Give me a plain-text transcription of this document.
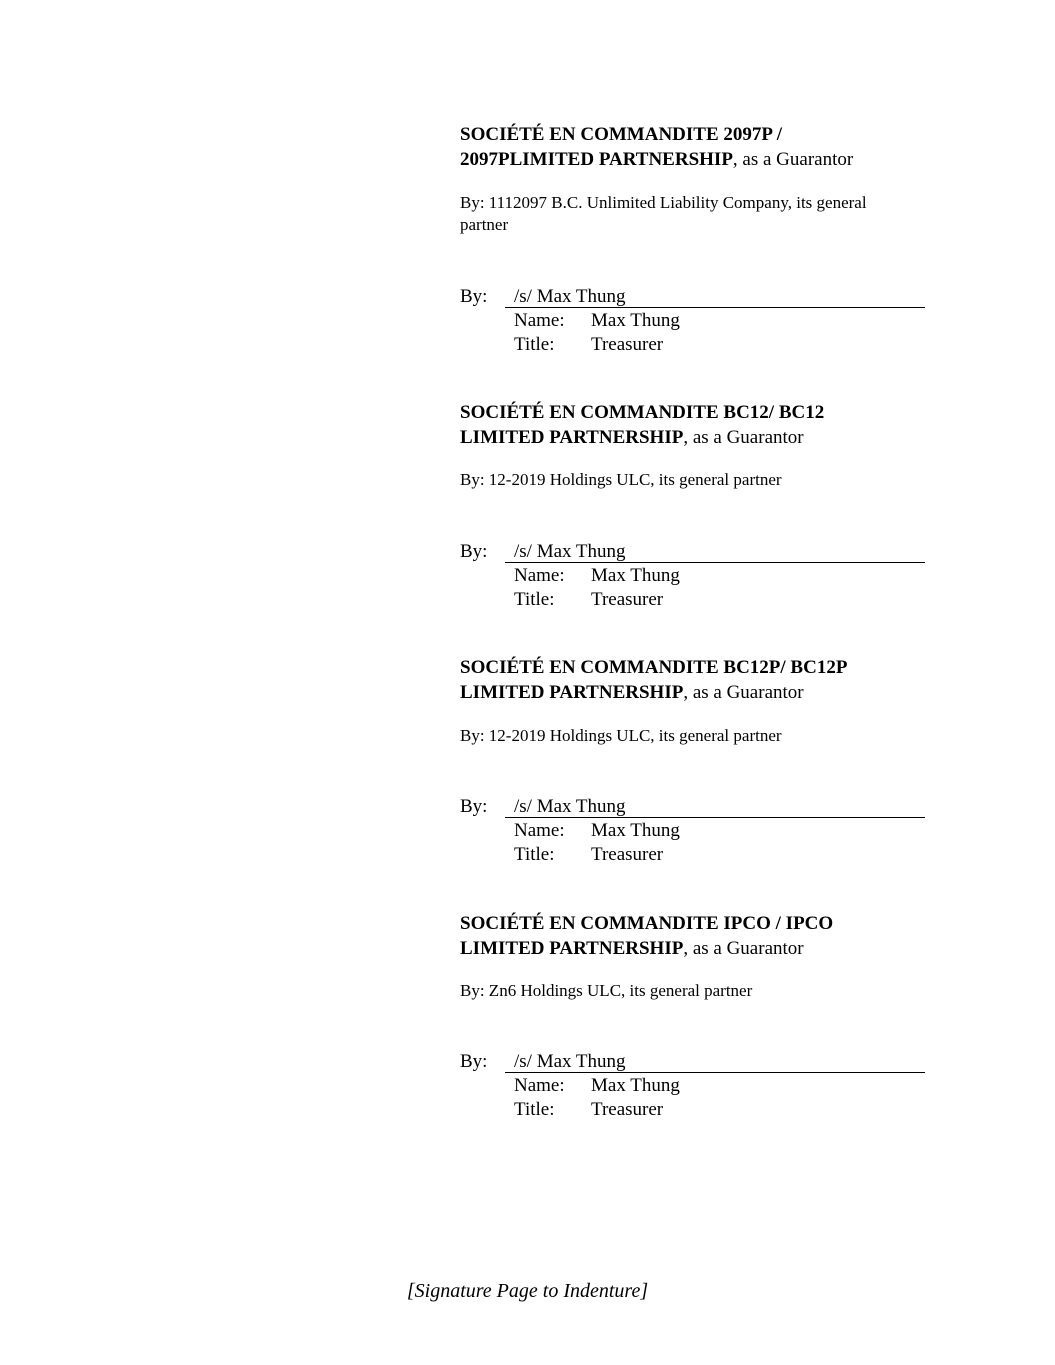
SOCIÉTÉ EN COMMANDITE 2097P /
2097PLIMITED PARTNERSHIP, as a Guarantor

By: 1112097 B.C. Unlimited Liability Company, its general partner

By:	/s/ Max Thung
Name: Max Thung
Title: Treasurer

SOCIÉTÉ EN COMMANDITE BC12/ BC12
LIMITED PARTNERSHIP, as a Guarantor

By: 12-2019 Holdings ULC, its general partner

By:	/s/ Max Thung
Name: Max Thung
Title: Treasurer

SOCIÉTÉ EN COMMANDITE BC12P/ BC12P
LIMITED PARTNERSHIP, as a Guarantor

By: 12-2019 Holdings ULC, its general partner

By:	/s/ Max Thung
Name: Max Thung
Title: Treasurer

SOCIÉTÉ EN COMMANDITE IPCO / IPCO
LIMITED PARTNERSHIP, as a Guarantor

By: Zn6 Holdings ULC, its general partner

By:	/s/ Max Thung
Name: Max Thung
Title: Treasurer
[Signature Page to Indenture]
